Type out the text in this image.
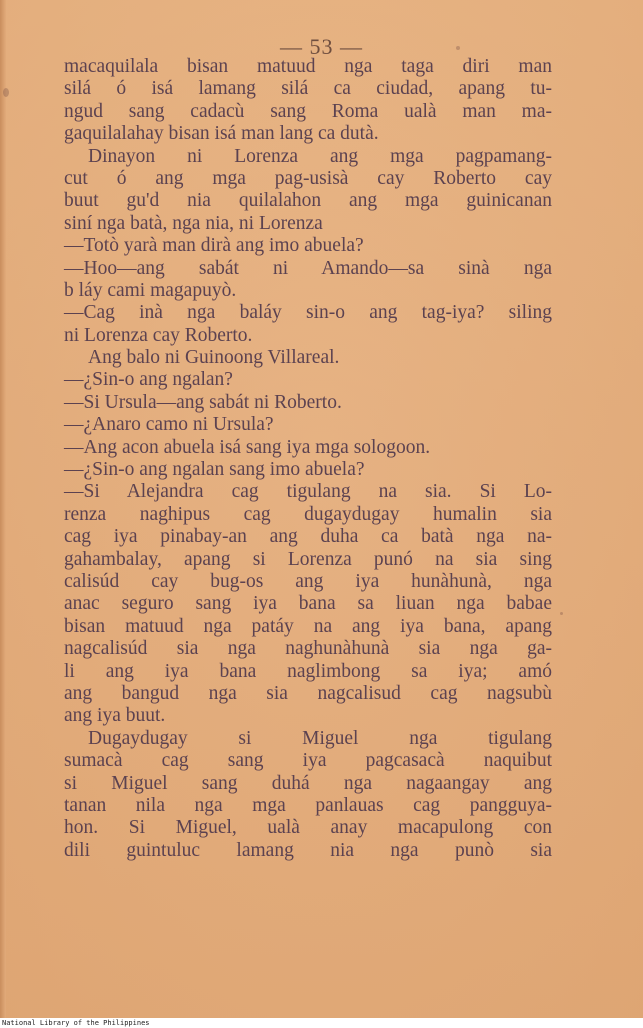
— 53 —
macaquilala bisan matuud nga taga diri man
silá ó isá lamang silá ca ciudad, apang tu-
ngud sang cadacù sang Roma ualà man ma-
gaquilalahay bisan isá man lang ca dutà.
Dinayon ni Lorenza ang mga pagpamang-
cut ó ang mga pag-usisà cay Roberto cay
buut gu'd nia quilalahon ang mga guinicanan
siní nga batà, nga nia, ni Lorenza
—Totò yarà man dirà ang imo abuela?
—Hoo—ang sabát ni Amando—sa sinà nga
b láy cami magapuyò.
—Cag inà nga baláy sin-o ang tag-iya? siling
ni Lorenza cay Roberto.
Ang balo ni Guinoong Villareal.
—¿Sin-o ang ngalan?
—Si Ursula—ang sabát ni Roberto.
—¿Anaro camo ni Ursula?
—Ang acon abuela isá sang iya mga sologoon.
—¿Sin-o ang ngalan sang imo abuela?
—Si Alejandra cag tigulang na sia. Si Lo-
renza naghipus cag dugaydugay humalin sia
cag iya pinabay-an ang duha ca batà nga na-
gahambalay, apang si Lorenza punó na sia sing
calisúd cay bug-os ang iya hunàhunà, nga
anac seguro sang iya bana sa liuan nga babae
bisan matuud nga patáy na ang iya bana, apang
nagcalisúd sia nga naghunàhunà sia nga ga-
li ang iya bana naglimbong sa iya; amó
ang bangud nga sia nagcalisud cag nagsubù
ang iya buut.
Dugaydugay si Miguel nga tigulang
sumacà cag sang iya pagcasacà naquibut
si Miguel sang duhá nga nagaangay ang
tanan nila nga mga panlauas cag pangguya-
hon. Si Miguel, ualà anay macapulong con
dili guintuluc lamang nia nga punò sia
National Library of the Philippines
